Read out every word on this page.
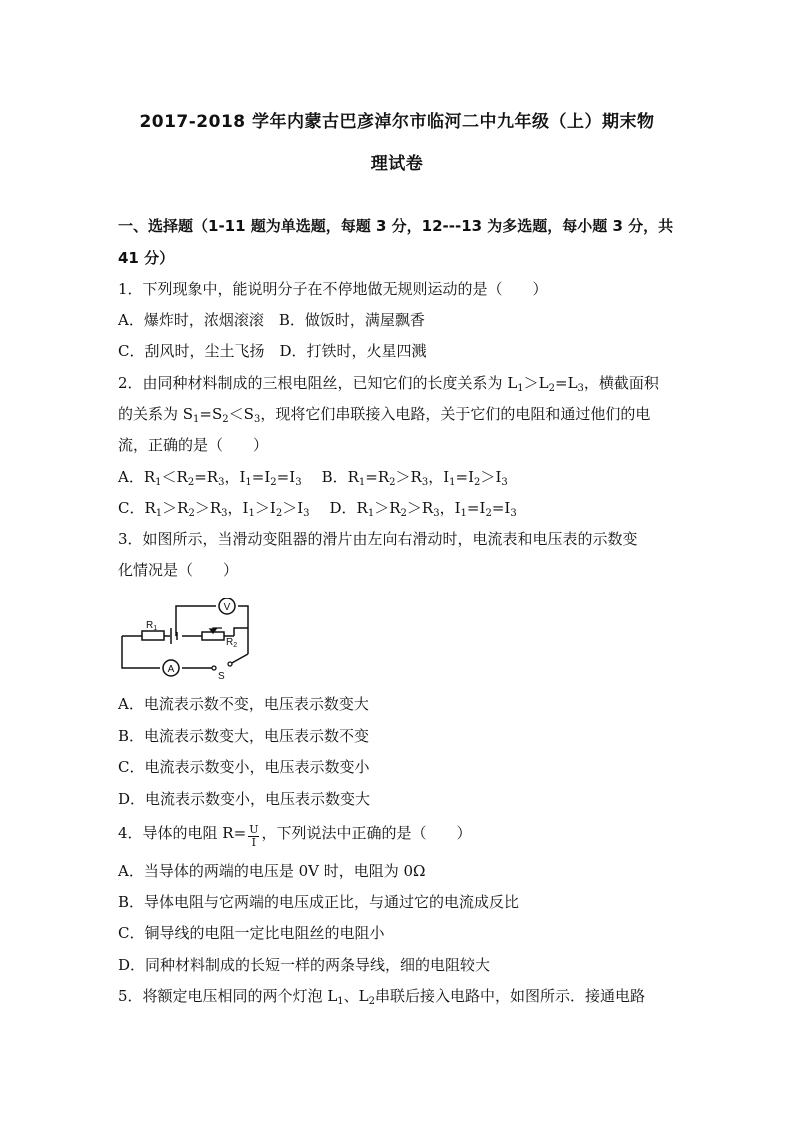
2017-2018 学年内蒙古巴彦淖尔市临河二中九年级（上）期末物
理试卷
一、选择题（1-11 题为单选题，每题 3 分，12---13 为多选题，每小题 3 分，共
41 分）
1．下列现象中，能说明分子在不停地做无规则运动的是（　　）
A．爆炸时，浓烟滚滚　B．做饭时，满屋飘香
C．刮风时，尘土飞扬　D．打铁时，火星四溅
2．由同种材料制成的三根电阻丝，已知它们的长度关系为 $L_1>L_2=L_3$，横截面积
的关系为 $S_1=S_2<S_3$，现将它们串联接入电路，关于它们的电阻和通过他们的电
流，正确的是（　　）
A．$R_1<R_2=R_3$，$I_1=I_2=I_3$ B．$R_1=R_2>R_3$，$I_1=I_2>I_3$
C．$R_1>R_2>R_3$，$I_1>I_2>I_3$ D．$R_1>R_2>R_3$，$I_1=I_2=I_3$
3．如图所示，当滑动变阻器的滑片由左向右滑动时，电流表和电压表的示数变
化情况是（　　）
V
A
$R_1$
$R_2$
S
A．电流表示数不变，电压表示数变大
B．电流表示数变大，电压表示数不变
C．电流表示数变小，电压表示数变小
D．电流表示数变小，电压表示数变大
4．导体的电阻 $R= \frac{U}{I}$ ，下列说法中正确的是（　　）
A．当导体的两端的电压是 0V 时，电阻为 0Ω
B．导体电阻与它两端的电压成正比，与通过它的电流成反比
C．铜导线的电阻一定比电阻丝的电阻小
D．同种材料制成的长短一样的两条导线，细的电阻较大
5．将额定电压相同的两个灯泡 $L_1$、$L_2$串联后接入电路中，如图所示．接通电路
